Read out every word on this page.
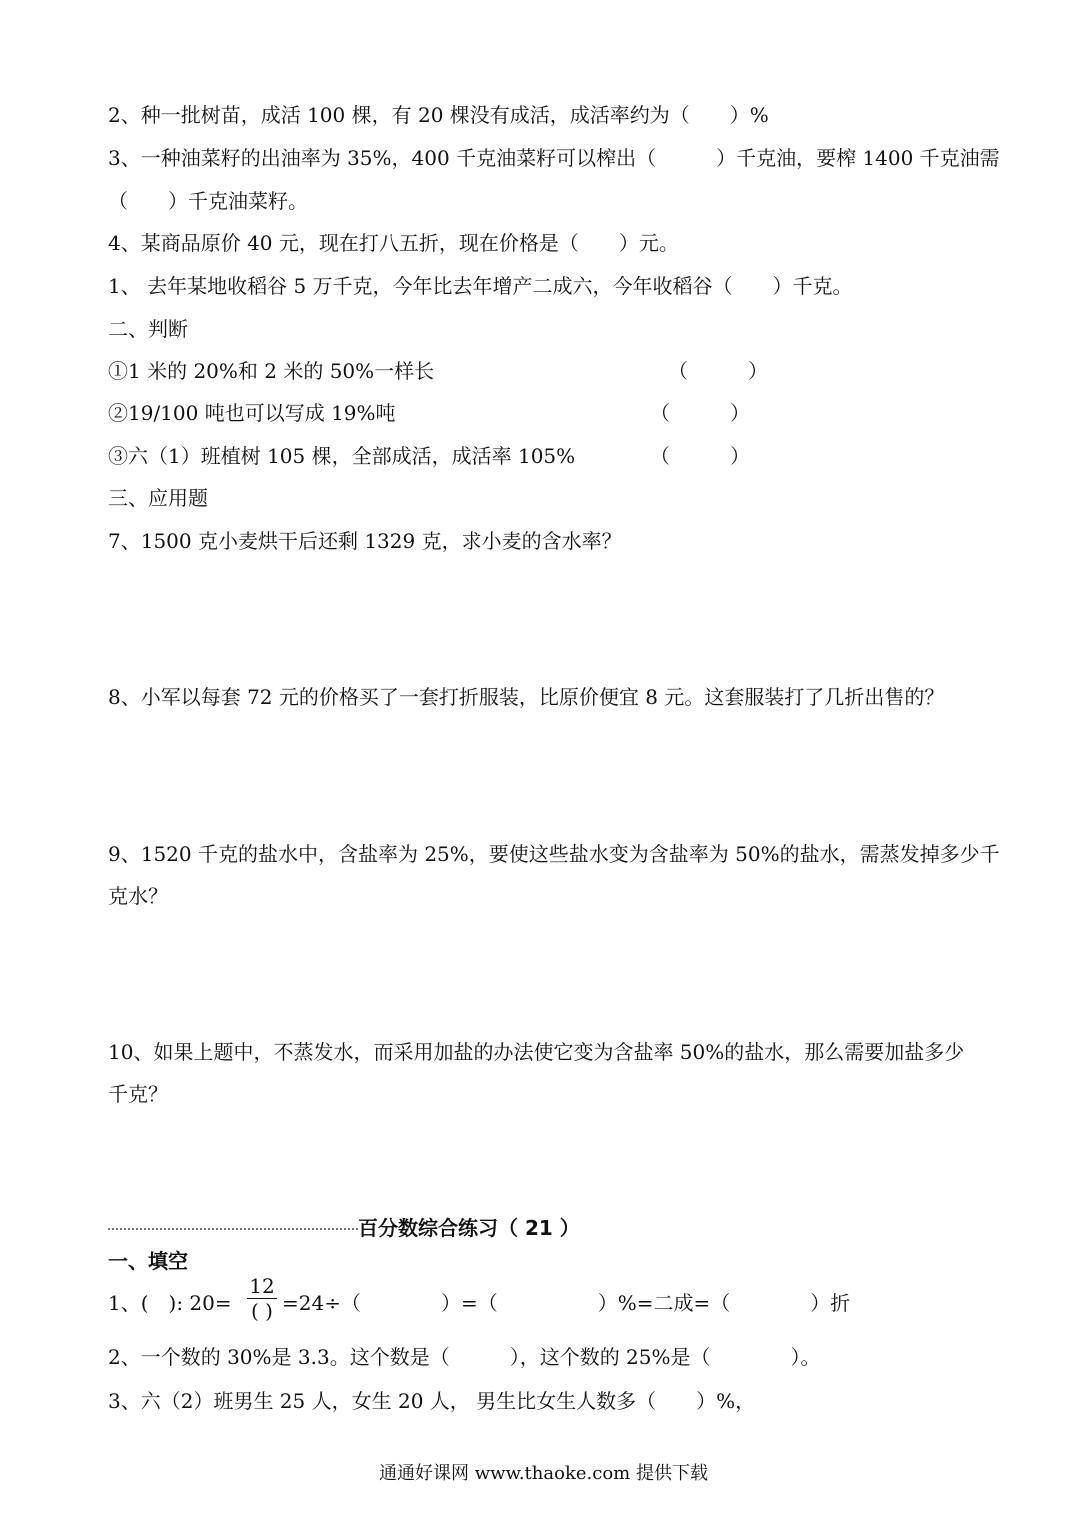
2、种一批树苗，成活 100 棵，有 20 棵没有成活，成活率约为（　　）%
3、一种油菜籽的出油率为 35%，400 千克油菜籽可以榨出（　　　）千克油，要榨 1400 千克油需
（　　）千克油菜籽。
4、某商品原价 40 元，现在打八五折，现在价格是（　　）元。
1、 去年某地收稻谷 5 万千克，今年比去年增产二成六，今年收稻谷（　　）千克。
二、判断
①1 米的 20%和 2 米的 50%一样长	（　　　）
②19/100 吨也可以写成 19%吨	（　　　）
③六（1）班植树 105 棵，全部成活，成活率 105%	（　　　）
三、应用题
7、1500 克小麦烘干后还剩 1329 克，求小麦的含水率？
8、小军以每套 72 元的价格买了一套打折服装，比原价便宜 8 元。这套服装打了几折出售的？
9、1520 千克的盐水中，含盐率为 25%，要使这些盐水变为含盐率为 50%的盐水，需蒸发掉多少千
克水？
10、如果上题中，不蒸发水，而采用加盐的办法使它变为含盐率 50%的盐水，那么需要加盐多少
千克？
百分数综合练习（ 21 ）
一、填空
1、(　): 20=
12
( ) =24÷（　　　　）=（　　　　　）%=二成=（　　　　）折
2、一个数的 30%是 3.3。这个数是（　　　），这个数的 25%是（　　　　）。
3、六（2）班男生 25 人，女生 20 人， 男生比女生人数多（　　）%，
通通好课网 www.thaoke.com 提供下载
